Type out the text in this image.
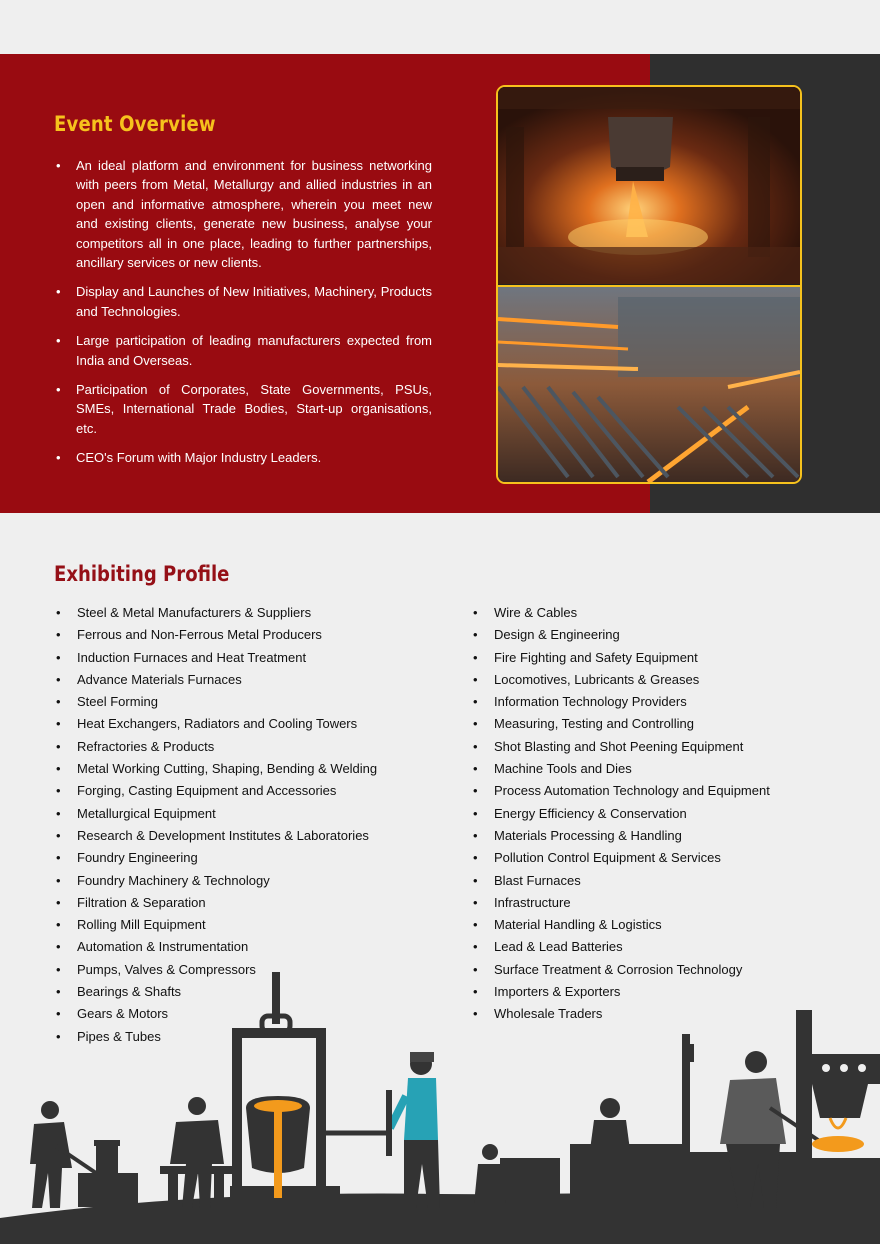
Event Overview
• An ideal platform and environment for business networking with peers from Metal, Metallurgy and allied industries in an open and informative atmosphere, wherein you meet new and existing clients, generate new business, analyse your competitors all in one place, leading to further partnerships, ancillary services or new clients.
• Display and Launches of New Initiatives, Machinery, Products and Technologies.
• Large participation of leading manufacturers expected from India and Overseas.
• Participation of Corporates, State Governments, PSUs, SMEs, International Trade Bodies, Start-up organisations, etc.
• CEO's Forum with Major Industry Leaders.
Exhibiting Profile
• Steel & Metal Manufacturers & Suppliers
• Ferrous and Non-Ferrous Metal Producers
• Induction Furnaces and Heat Treatment
• Advance Materials Furnaces
• Steel Forming
• Heat Exchangers, Radiators and Cooling Towers
• Refractories & Products
• Metal Working Cutting, Shaping, Bending & Welding
• Forging, Casting Equipment and Accessories
• Metallurgical Equipment
• Research & Development Institutes & Laboratories
• Foundry Engineering
• Foundry Machinery & Technology
• Filtration & Separation
• Rolling Mill Equipment
• Automation & Instrumentation
• Pumps, Valves & Compressors
• Bearings & Shafts
• Gears & Motors
• Pipes & Tubes
• Wire & Cables
• Design & Engineering
• Fire Fighting and Safety Equipment
• Locomotives, Lubricants & Greases
• Information Technology Providers
• Measuring, Testing and Controlling
• Shot Blasting and Shot Peening Equipment
• Machine Tools and Dies
• Process Automation Technology and Equipment
• Energy Efficiency & Conservation
• Materials Processing & Handling
• Pollution Control Equipment & Services
• Blast Furnaces
• Infrastructure
• Material Handling & Logistics
• Lead & Lead Batteries
• Surface Treatment & Corrosion Technology
• Importers & Exporters
• Wholesale Traders
